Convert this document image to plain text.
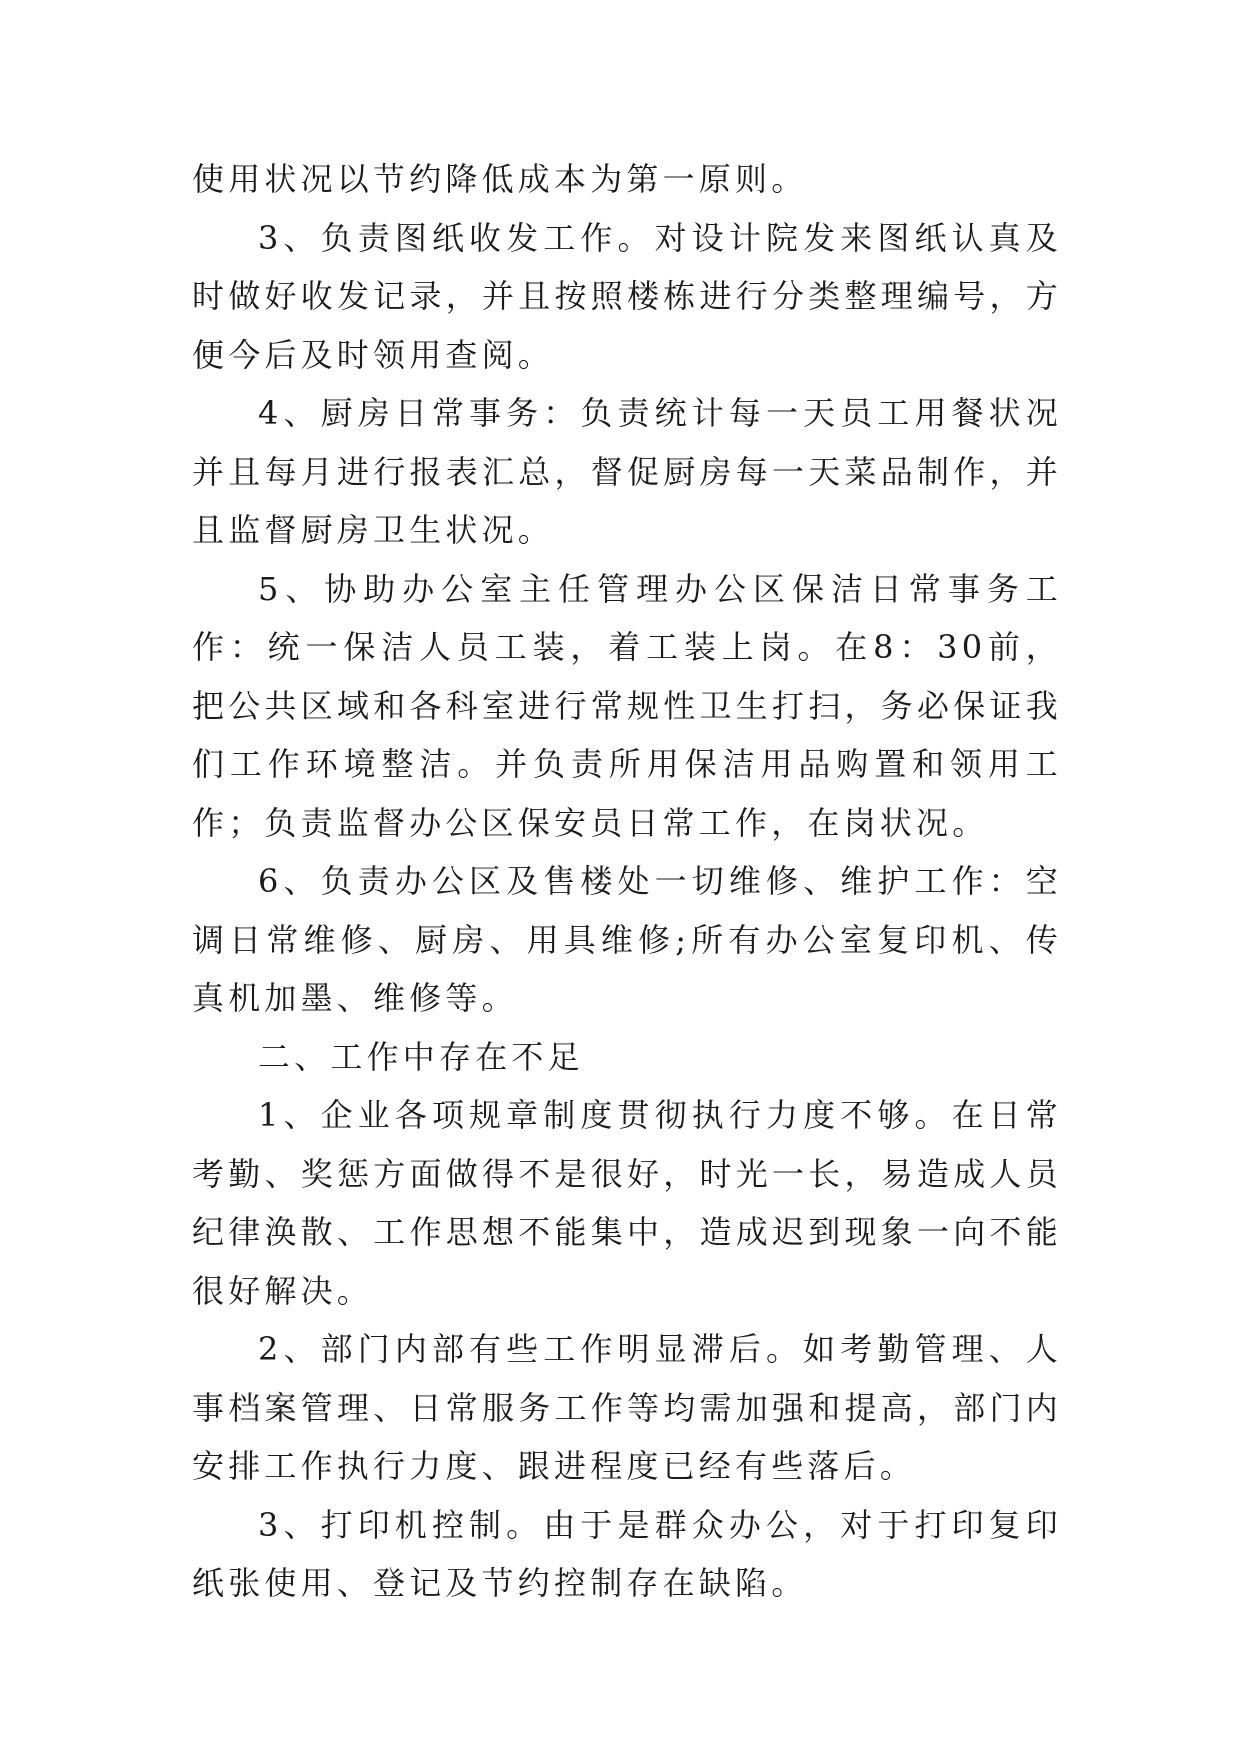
使用状况以节约降低成本为第一原则。

3、负责图纸收发工作。对设计院发来图纸认真及时做好收发记录，并且按照楼栋进行分类整理编号，方便今后及时领用查阅。

4、厨房日常事务：负责统计每一天员工用餐状况并且每月进行报表汇总，督促厨房每一天菜品制作，并且监督厨房卫生状况。

5、协助办公室主任管理办公区保洁日常事务工作：统一保洁人员工装，着工装上岗。在8：30前，把公共区域和各科室进行常规性卫生打扫，务必保证我们工作环境整洁。并负责所用保洁用品购置和领用工作；负责监督办公区保安员日常工作，在岗状况。

6、负责办公区及售楼处一切维修、维护工作：空调日常维修、厨房、用具维修;所有办公室复印机、传真机加墨、维修等。

二、工作中存在不足

1、企业各项规章制度贯彻执行力度不够。在日常考勤、奖惩方面做得不是很好，时光一长，易造成人员纪律涣散、工作思想不能集中，造成迟到现象一向不能很好解决。

2、部门内部有些工作明显滞后。如考勤管理、人事档案管理、日常服务工作等均需加强和提高，部门内安排工作执行力度、跟进程度已经有些落后。

3、打印机控制。由于是群众办公，对于打印复印纸张使用、登记及节约控制存在缺陷。
